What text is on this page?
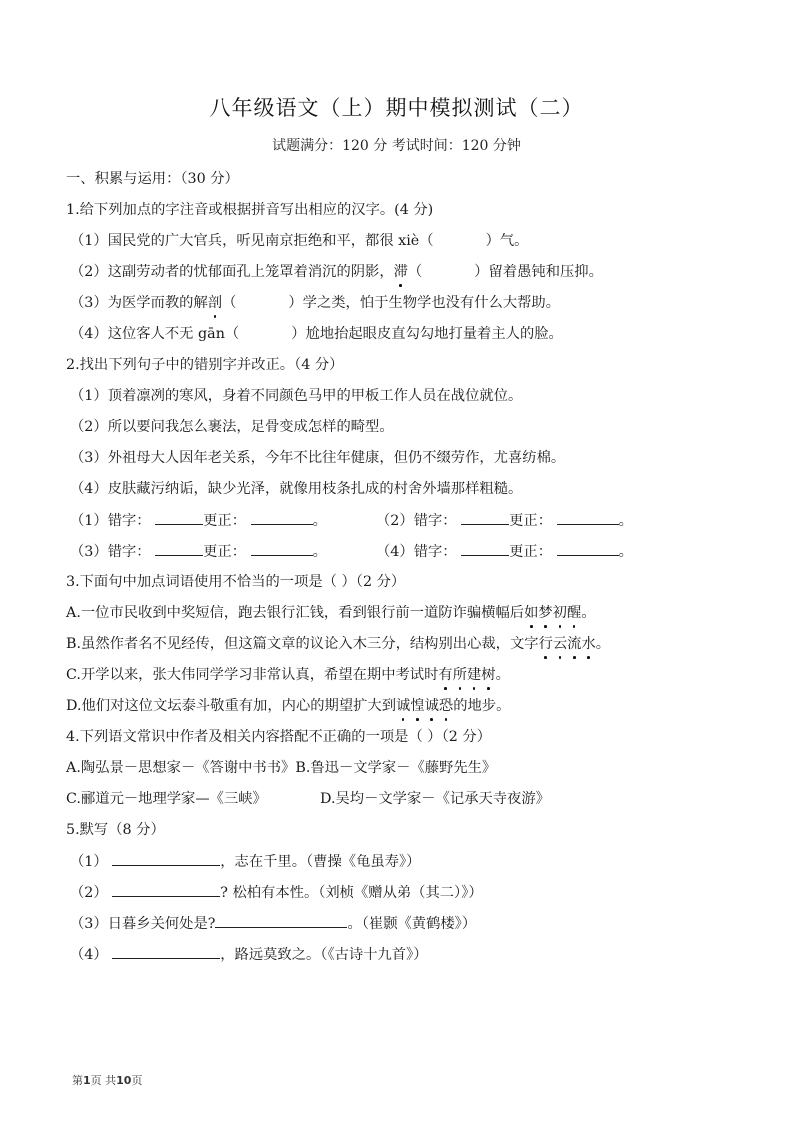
八年级语文（上）期中模拟测试（二）
试题满分：120 分 考试时间：120 分钟
一、积累与运用：（30 分）
1.给下列加点的字注音或根据拼音写出相应的汉字。(4 分)
（1）国民党的广大官兵，听见南京拒绝和平，都很 xiè（	）气。
（2）这副劳动者的忧郁面孔上笼罩着消沉的阴影，滞（	）留着愚钝和压抑。
（3）为医学而教的解剖（	）学之类，怕于生物学也没有什么大帮助。
（4）这位客人不无 gān（	）尬地抬起眼皮直勾勾地打量着主人的脸。
2.找出下列句子中的错别字并改正。（4 分）
（1）顶着凛冽的寒风，身着不同颜色马甲的甲板工作人员在战位就位。
（2）所以要问我怎么裹法，足骨变成怎样的畸型。
（3）外祖母大人因年老关系，今年不比往年健康，但仍不缀劳作，尤喜纺棉。
（4）皮肤藏污纳诟，缺少光泽，就像用枝条扎成的村舍外墙那样粗糙。
（1）错字：	更正：	。	（2）错字：	更正：	。
（3）错字：	更正：	。	（4）错字：	更正：	。
3.下面句中加点词语使用不恰当的一项是（ ）（2 分）
A.一位市民收到中奖短信，跑去银行汇钱，看到银行前一道防诈骗横幅后如梦初醒。
B.虽然作者名不见经传，但这篇文章的议论入木三分，结构别出心裁，文字行云流水。
C.开学以来，张大伟同学学习非常认真，希望在期中考试时有所建树。
D.他们对这位文坛泰斗敬重有加，内心的期望扩大到诚惶诚恐的地步。
4.下列语文常识中作者及相关内容搭配不正确的一项是（ ）（2 分）
A.陶弘景－思想家－《答谢中书书》B.鲁迅－文学家－《藤野先生》
C.郦道元－地理学家—《三峡》	D.吴均－文学家－《记承天寺夜游》
5.默写（8 分）
（1）	，志在千里。（曹操《龟虽寿》）
（2）	? 松柏有本性。（刘桢《赠从弟（其二）》）
（3）日暮乡关何处是?	。（崔颢《黄鹤楼》）
（4）	，路远莫致之。（《古诗十九首》）
第1页 共10页
